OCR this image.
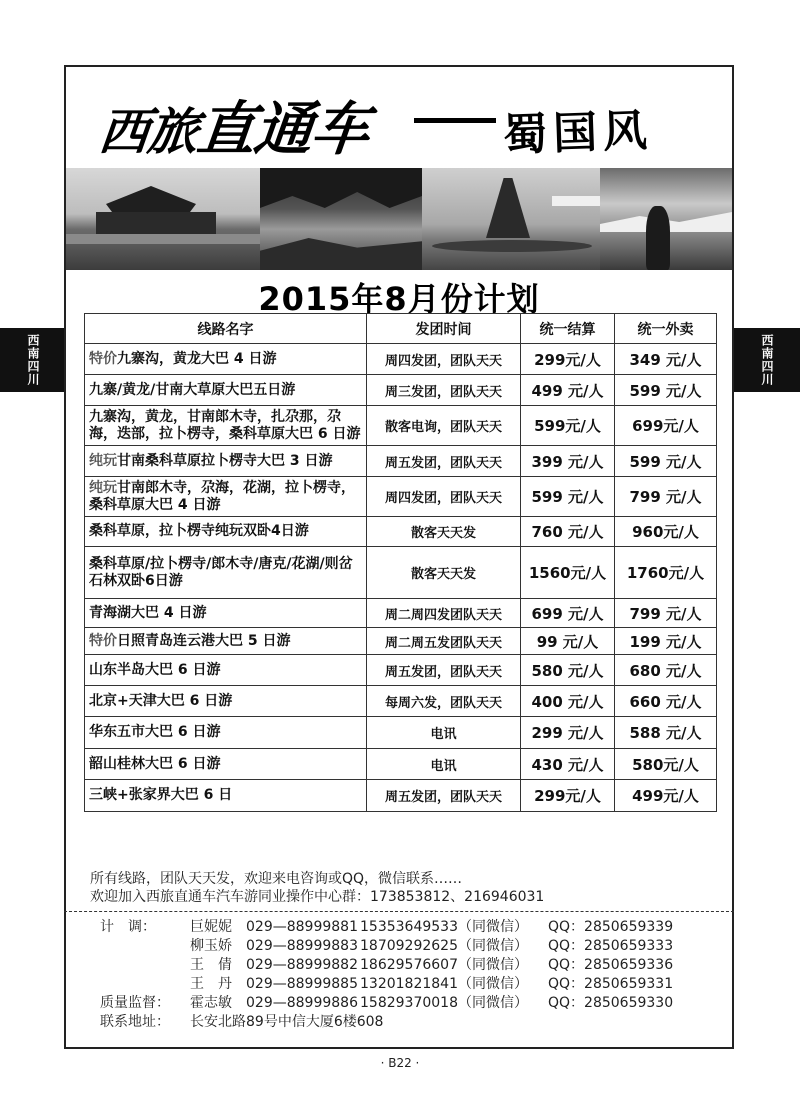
西南四川	西南四川
西旅直通车	蜀国风情
2015年8月份计划
线路名字	发团时间	统一结算	统一外卖
特价九寨沟，黄龙大巴 4 日游	周四发团，团队天天	299元/人	349 元/人
九寨/黄龙/甘南大草原大巴五日游	周三发团，团队天天	499 元/人	599 元/人
九寨沟，黄龙，甘南郎木寺，扎尕那，尕海，迭部，拉卜楞寺，桑科草原大巴 6 日游	散客电询，团队天天	599元/人	699元/人
纯玩甘南桑科草原拉卜楞寺大巴 3 日游	周五发团，团队天天	399 元/人	599 元/人
纯玩甘南郎木寺，尕海，花湖，拉卜楞寺，桑科草原大巴 4 日游	周四发团，团队天天	599 元/人	799 元/人
桑科草原，拉卜楞寺纯玩双卧4日游	散客天天发	760 元/人	960元/人
桑科草原/拉卜楞寺/郎木寺/唐克/花湖/则岔石林双卧6日游	散客天天发	1560元/人	1760元/人
青海湖大巴 4 日游	周二周四发团队天天	699 元/人	799 元/人
特价日照青岛连云港大巴 5 日游	周二周五发团队天天	99 元/人	199 元/人
山东半岛大巴 6 日游	周五发团，团队天天	580 元/人	680 元/人
北京+天津大巴 6 日游	每周六发，团队天天	400 元/人	660 元/人
华东五市大巴 6 日游	电讯	299 元/人	588 元/人
韶山桂林大巴 6 日游	电讯	430 元/人	580元/人
三峡+张家界大巴 6 日	周五发团，团队天天	299元/人	499元/人
所有线路，团队天天发，欢迎来电咨询或QQ，微信联系……
欢迎加入西旅直通车汽车游同业操作中心群：173853812、216946031
计　调：	巨妮妮	029—88999881 15353649533 （同微信）	QQ：2850659339
柳玉娇	029—88999883 18709292625 （同微信）	QQ：2850659333
王　倩	029—88999882 18629576607 （同微信）	QQ：2850659336
王　丹	029—88999885 13201821841 （同微信）	QQ：2850659331
质量监督：	霍志敏	029—88999886 15829370018 （同微信）	QQ：2850659330
联系地址：	长安北路89号中信大厦6楼608
· B22 ·
